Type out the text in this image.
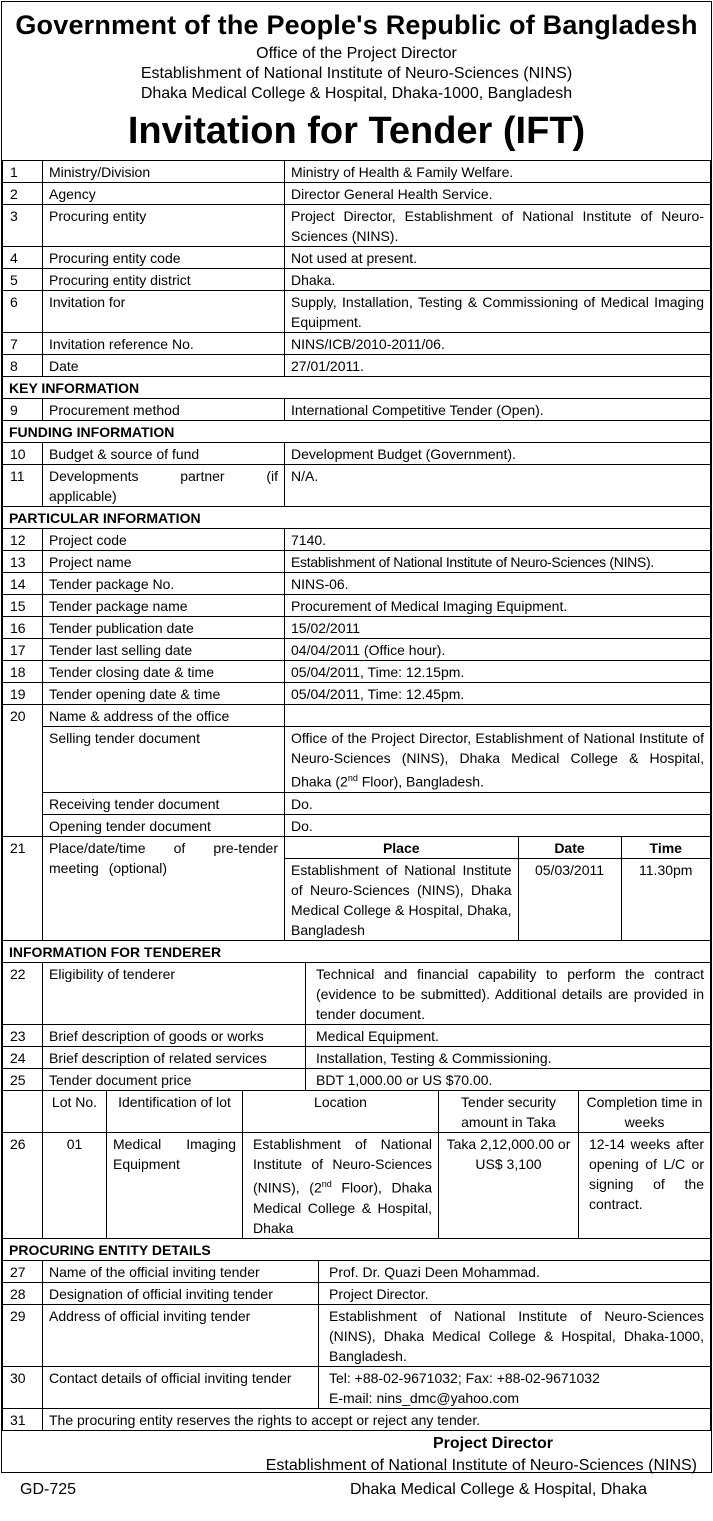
Government of the People's Republic of Bangladesh
Office of the Project Director
Establishment of National Institute of Neuro-Sciences (NINS)
Dhaka Medical College & Hospital, Dhaka-1000, Bangladesh
Invitation for Tender (IFT)
1	Ministry/Division	Ministry of Health & Family Welfare.
2	Agency	Director General Health Service.
3	Procuring entity	Project Director, Establishment of National Institute of Neuro-Sciences (NINS).
4	Procuring entity code	Not used at present.
5	Procuring entity district	Dhaka.
6	Invitation for	Supply, Installation, Testing & Commissioning of Medical Imaging Equipment.
7	Invitation reference No.	NINS/ICB/2010-2011/06.
8	Date	27/01/2011.
KEY INFORMATION
9	Procurement method	International Competitive Tender (Open).
FUNDING INFORMATION
10	Budget & source of fund	Development Budget (Government).
11	Developments partner (if applicable)	N/A.
PARTICULAR INFORMATION
12	Project code	7140.
13	Project name	Establishment of National Institute of Neuro-Sciences (NINS).
14	Tender package No.	NINS-06.
15	Tender package name	Procurement of Medical Imaging Equipment.
16	Tender publication date	15/02/2011
17	Tender last selling date	04/04/2011 (Office hour).
18	Tender closing date & time	05/04/2011, Time: 12.15pm.
19	Tender opening date & time	05/04/2011, Time: 12.45pm.
20	Name & address of the office	
Selling tender document	Office of the Project Director, Establishment of National Institute of Neuro-Sciences (NINS), Dhaka Medical College & Hospital, Dhaka (2nd Floor), Bangladesh.
Receiving tender document	Do.
Opening tender document	Do.
21	Place/date/time of pre-tender meeting (optional)	
Place	Date	Time
Establishment of National Institute of Neuro-Sciences (NINS), Dhaka Medical College & Hospital, Dhaka, Bangladesh	05/03/2011	11.30pm
INFORMATION FOR TENDERER		
22	Eligibility of tenderer	Technical and financial capability to perform the contract (evidence to be submitted). Additional details are provided in tender document.
23	Brief description of goods or works	Medical Equipment.
24	Brief description of related services	Installation, Testing & Commissioning.
25	Tender document price	BDT 1,000.00 or US $70.00.
	Lot No.	Identification of lot	Location	Tender security amount in Taka	Completion time in weeks
26	01	Medical Imaging Equipment	Establishment of National Institute of Neuro-Sciences (NINS), (2nd Floor), Dhaka Medical College & Hospital, Dhaka	Taka 2,12,000.00 or US$ 3,100	12-14 weeks after opening of L/C or signing of the contract.
PROCURING ENTITY DETAILS		
27	Name of the official inviting tender	Prof. Dr. Quazi Deen Mohammad.
28	Designation of official inviting tender	Project Director.
29	Address of official inviting tender	Establishment of National Institute of Neuro-Sciences (NINS), Dhaka Medical College & Hospital, Dhaka-1000, Bangladesh.
30	Contact details of official inviting tender	Tel: +88-02-9671032; Fax: +88-02-9671032
E-mail: nins_dmc@yahoo.com

31	The procuring entity reserves the rights to accept or reject any tender.	
Project Director
Establishment of National Institute of Neuro-Sciences (NINS)
Dhaka Medical College & Hospital, Dhaka
GD-725
